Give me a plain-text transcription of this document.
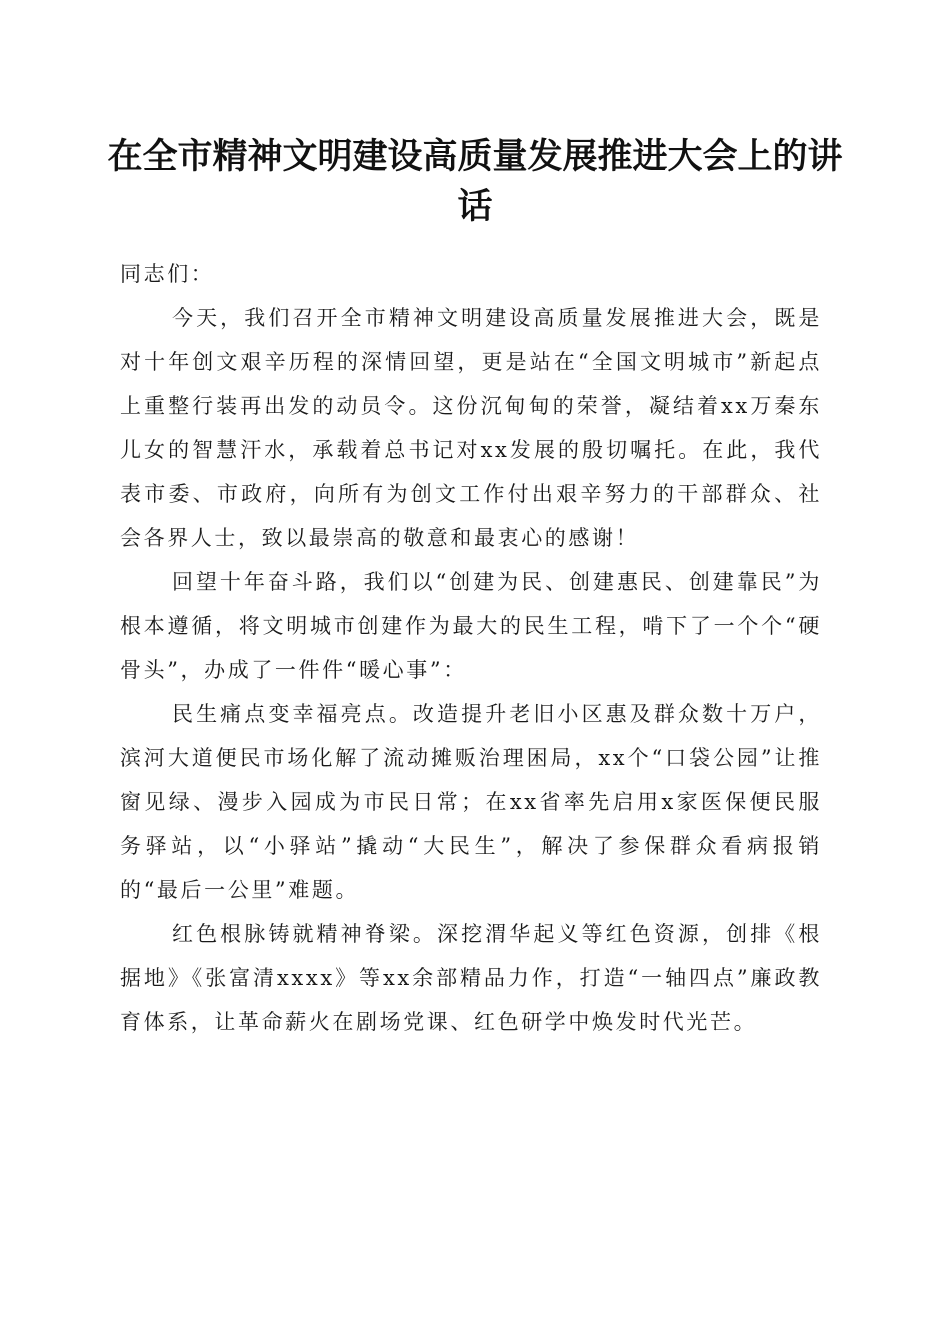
在全市精神文明建设高质量发展推进大会上的讲话

同志们：

今天，我们召开全市精神文明建设高质量发展推进大会，既是对十年创文艰辛历程的深情回望，更是站在“全国文明城市”新起点上重整行装再出发的动员令。这份沉甸甸的荣誉，凝结着xx万秦东儿女的智慧汗水，承载着总书记对xx发展的殷切嘱托。在此，我代表市委、市政府，向所有为创文工作付出艰辛努力的干部群众、社会各界人士，致以最崇高的敬意和最衷心的感谢！

回望十年奋斗路，我们以“创建为民、创建惠民、创建靠民”为根本遵循，将文明城市创建作为最大的民生工程，啃下了一个个“硬骨头”，办成了一件件“暖心事”：

民生痛点变幸福亮点。改造提升老旧小区惠及群众数十万户，滨河大道便民市场化解了流动摊贩治理困局，xx个“口袋公园”让推窗见绿、漫步入园成为市民日常；在xx省率先启用x家医保便民服务驿站，以“小驿站”撬动“大民生”，解决了参保群众看病报销的“最后一公里”难题。

红色根脉铸就精神脊梁。深挖渭华起义等红色资源，创排《根据地》《张富清xxxx》等xx余部精品力作，打造“一轴四点”廉政教育体系，让革命薪火在剧场党课、红色研学中焕发时代光芒。
